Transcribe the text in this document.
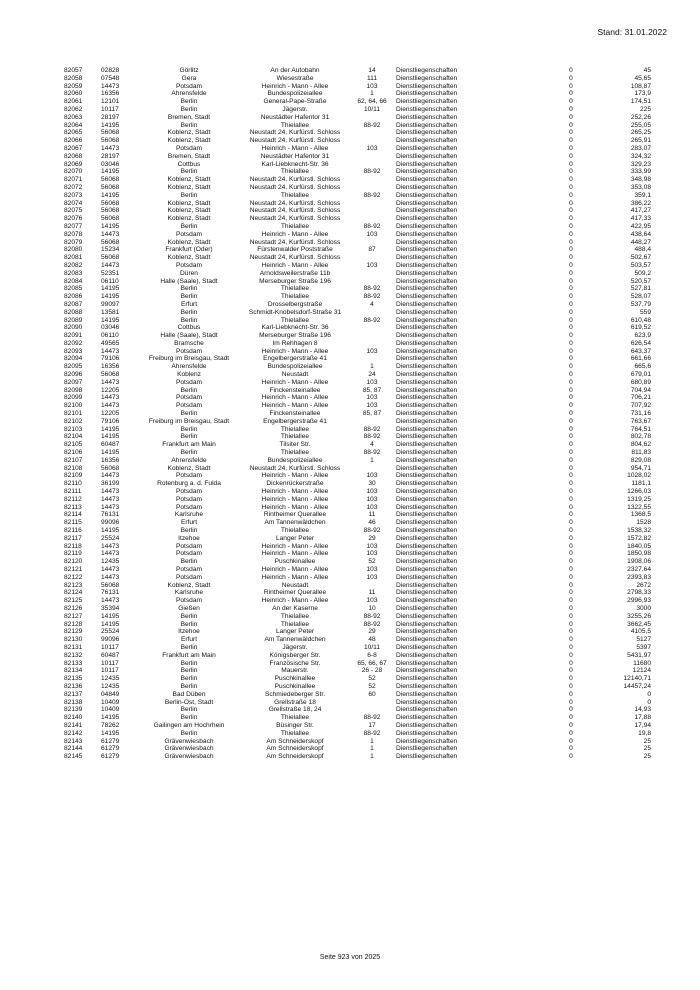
Stand: 31.01.2022
82057	02828	Görlitz	An der Autobahn	14	Dienstliegenschaften	0	45
82058	07548	Gera	Wiesestraße	111	Dienstliegenschaften	0	45,65
82059	14473	Potsdam	Heinrich - Mann - Allee	103	Dienstliegenschaften	0	108,87
82060	16356	Ahrensfelde	Bundespolizeiallee	1	Dienstliegenschaften	0	173,9
82061	12101	Berlin	General-Pape-Straße	62, 64, 66	Dienstliegenschaften	0	174,51
82062	10117	Berlin	Jägerstr.	10/11	Dienstliegenschaften	0	225
82063	28197	Bremen, Stadt	Neustädter Hafentor 31		Dienstliegenschaften	0	252,26
82064	14195	Berlin	Thielallee	88-92	Dienstliegenschaften	0	255,05
82065	56068	Koblenz, Stadt	Neustadt 24, Kurfürstl. Schloss		Dienstliegenschaften	0	265,25
82066	56068	Koblenz, Stadt	Neustadt 24, Kurfürstl. Schloss		Dienstliegenschaften	0	265,91
82067	14473	Potsdam	Heinrich - Mann - Allee	103	Dienstliegenschaften	0	283,07
82068	28197	Bremen, Stadt	Neustädter Hafentor 31		Dienstliegenschaften	0	324,32
82069	03046	Cottbus	Karl-Liebknecht-Str. 36		Dienstliegenschaften	0	329,23
82070	14195	Berlin	Thielallee	88-92	Dienstliegenschaften	0	333,99
82071	56068	Koblenz, Stadt	Neustadt 24, Kurfürstl. Schloss		Dienstliegenschaften	0	348,98
82072	56068	Koblenz, Stadt	Neustadt 24, Kurfürstl. Schloss		Dienstliegenschaften	0	353,08
82073	14195	Berlin	Thielallee	88-92	Dienstliegenschaften	0	359,1
82074	56068	Koblenz, Stadt	Neustadt 24, Kurfürstl. Schloss		Dienstliegenschaften	0	386,22
82075	56068	Koblenz, Stadt	Neustadt 24, Kurfürstl. Schloss		Dienstliegenschaften	0	417,27
82076	56068	Koblenz, Stadt	Neustadt 24, Kurfürstl. Schloss		Dienstliegenschaften	0	417,33
82077	14195	Berlin	Thielallee	88-92	Dienstliegenschaften	0	422,95
82078	14473	Potsdam	Heinrich - Mann - Allee	103	Dienstliegenschaften	0	438,64
82079	56068	Koblenz, Stadt	Neustadt 24, Kurfürstl. Schloss		Dienstliegenschaften	0	448,27
82080	15234	Frankfurt (Oder)	Fürstenwalder Poststraße	87	Dienstliegenschaften	0	488,4
82081	56068	Koblenz, Stadt	Neustadt 24, Kurfürstl. Schloss		Dienstliegenschaften	0	502,67
82082	14473	Potsdam	Heinrich - Mann - Allee	103	Dienstliegenschaften	0	503,57
82083	52351	Düren	Arnoldsweilerstraße 11b		Dienstliegenschaften	0	509,2
82084	06110	Halle (Saale), Stadt	Merseburger Straße 196		Dienstliegenschaften	0	520,57
82085	14195	Berlin	Thielallee	88-92	Dienstliegenschaften	0	527,81
82086	14195	Berlin	Thielallee	88-92	Dienstliegenschaften	0	528,07
82087	99097	Erfurt	Drosselbergstraße	4	Dienstliegenschaften	0	537,79
82088	13581	Berlin	Schmidt-Knobelsdorf-Straße 31		Dienstliegenschaften	0	559
82089	14195	Berlin	Thielallee	88-92	Dienstliegenschaften	0	610,48
82090	03046	Cottbus	Karl-Liebknecht-Str. 36		Dienstliegenschaften	0	619,52
82091	06110	Halle (Saale), Stadt	Merseburger Straße 196		Dienstliegenschaften	0	623,9
82092	49565	Bramsche	Im Rehhagen 8		Dienstliegenschaften	0	626,54
82093	14473	Potsdam	Heinrich - Mann - Allee	103	Dienstliegenschaften	0	643,37
82094	79106	Freiburg im Breisgau, Stadt	Engelbergerstraße 41		Dienstliegenschaften	0	661,66
82095	16356	Ahrensfelde	Bundespolizeiallee	1	Dienstliegenschaften	0	665,6
82096	56068	Koblenz	Neustadt	24	Dienstliegenschaften	0	679,01
82097	14473	Potsdam	Heinrich - Mann - Allee	103	Dienstliegenschaften	0	680,89
82098	12205	Berlin	Finckensteinallee	85, 87	Dienstliegenschaften	0	704,94
82099	14473	Potsdam	Heinrich - Mann - Allee	103	Dienstliegenschaften	0	706,21
82100	14473	Potsdam	Heinrich - Mann - Allee	103	Dienstliegenschaften	0	707,92
82101	12205	Berlin	Finckensteinallee	85, 87	Dienstliegenschaften	0	731,16
82102	79106	Freiburg im Breisgau, Stadt	Engelbergerstraße 41		Dienstliegenschaften	0	763,67
82103	14195	Berlin	Thielallee	88-92	Dienstliegenschaften	0	764,51
82104	14195	Berlin	Thielallee	88-92	Dienstliegenschaften	0	802,78
82105	60487	Frankfurt am Main	Tilsiter Str.	4	Dienstliegenschaften	0	804,62
82106	14195	Berlin	Thielallee	88-92	Dienstliegenschaften	0	811,83
82107	16356	Ahrensfelde	Bundespolizeiallee	1	Dienstliegenschaften	0	829,08
82108	56068	Koblenz, Stadt	Neustadt 24, Kurfürstl. Schloss		Dienstliegenschaften	0	954,71
82109	14473	Potsdam	Heinrich - Mann - Allee	103	Dienstliegenschaften	0	1028,02
82110	36199	Rotenburg a. d. Fulda	Dickenrückerstraße	30	Dienstliegenschaften	0	1181,1
82111	14473	Potsdam	Heinrich - Mann - Allee	103	Dienstliegenschaften	0	1266,03
82112	14473	Potsdam	Heinrich - Mann - Allee	103	Dienstliegenschaften	0	1319,25
82113	14473	Potsdam	Heinrich - Mann - Allee	103	Dienstliegenschaften	0	1322,55
82114	76131	Karlsruhe	Rintheimer Querallee	11	Dienstliegenschaften	0	1368,5
82115	99096	Erfurt	Am Tannenwäldchen	46	Dienstliegenschaften	0	1528
82116	14195	Berlin	Thielallee	88-92	Dienstliegenschaften	0	1538,32
82117	25524	Itzehoe	Langer Peter	29	Dienstliegenschaften	0	1572,82
82118	14473	Potsdam	Heinrich - Mann - Allee	103	Dienstliegenschaften	0	1840,05
82119	14473	Potsdam	Heinrich - Mann - Allee	103	Dienstliegenschaften	0	1850,98
82120	12435	Berlin	Puschkinallee	52	Dienstliegenschaften	0	1908,06
82121	14473	Potsdam	Heinrich - Mann - Allee	103	Dienstliegenschaften	0	2327,64
82122	14473	Potsdam	Heinrich - Mann - Allee	103	Dienstliegenschaften	0	2393,83
82123	56068	Koblenz, Stadt	Neustadt		Dienstliegenschaften	0	2672
82124	76131	Karlsruhe	Rintheimer Querallee	11	Dienstliegenschaften	0	2798,33
82125	14473	Potsdam	Heinrich - Mann - Allee	103	Dienstliegenschaften	0	2996,93
82126	35394	Gießen	An der Kaserne	10	Dienstliegenschaften	0	3000
82127	14195	Berlin	Thielallee	88-92	Dienstliegenschaften	0	3255,26
82128	14195	Berlin	Thielallee	88-92	Dienstliegenschaften	0	3662,45
82129	25524	Itzehoe	Langer Peter	29	Dienstliegenschaften	0	4105,5
82130	99096	Erfurt	Am Tannenwäldchen	48	Dienstliegenschaften	0	5127
82131	10117	Berlin	Jägerstr.	10/11	Dienstliegenschaften	0	5397
82132	60487	Frankfurt am Main	Königsberger Str.	6-8	Dienstliegenschaften	0	5431,97
82133	10117	Berlin	Französische Str.	65, 66, 67	Dienstliegenschaften	0	11680
82134	10117	Berlin	Mauerstr.	26 - 28	Dienstliegenschaften	0	12124
82135	12435	Berlin	Puschkinallee	52	Dienstliegenschaften	0	12140,71
82136	12435	Berlin	Puschkinallee	52	Dienstliegenschaften	0	14457,24
82137	04849	Bad Düben	Schmiedeberger Str.	60	Dienstliegenschaften	0	0
82138	10409	Berlin-Ost, Stadt	Grellstraße 18		Dienstliegenschaften	0	0
82139	10409	Berlin	Grellstraße 18, 24		Dienstliegenschaften	0	14,93
82140	14195	Berlin	Thielallee	88-92	Dienstliegenschaften	0	17,88
82141	78262	Gailingen am Hochrhein	Büsinger Str.	17	Dienstliegenschaften	0	17,94
82142	14195	Berlin	Thielallee	88-92	Dienstliegenschaften	0	19,8
82143	61279	Grävenwiesbach	Am Schneiderskopf	1	Dienstliegenschaften	0	25
82144	61279	Grävenwiesbach	Am Schneiderskopf	1	Dienstliegenschaften	0	25
82145	61279	Grävenwiesbach	Am Schneiderskopf	1	Dienstliegenschaften	0	25
Seite 923 von 2025
